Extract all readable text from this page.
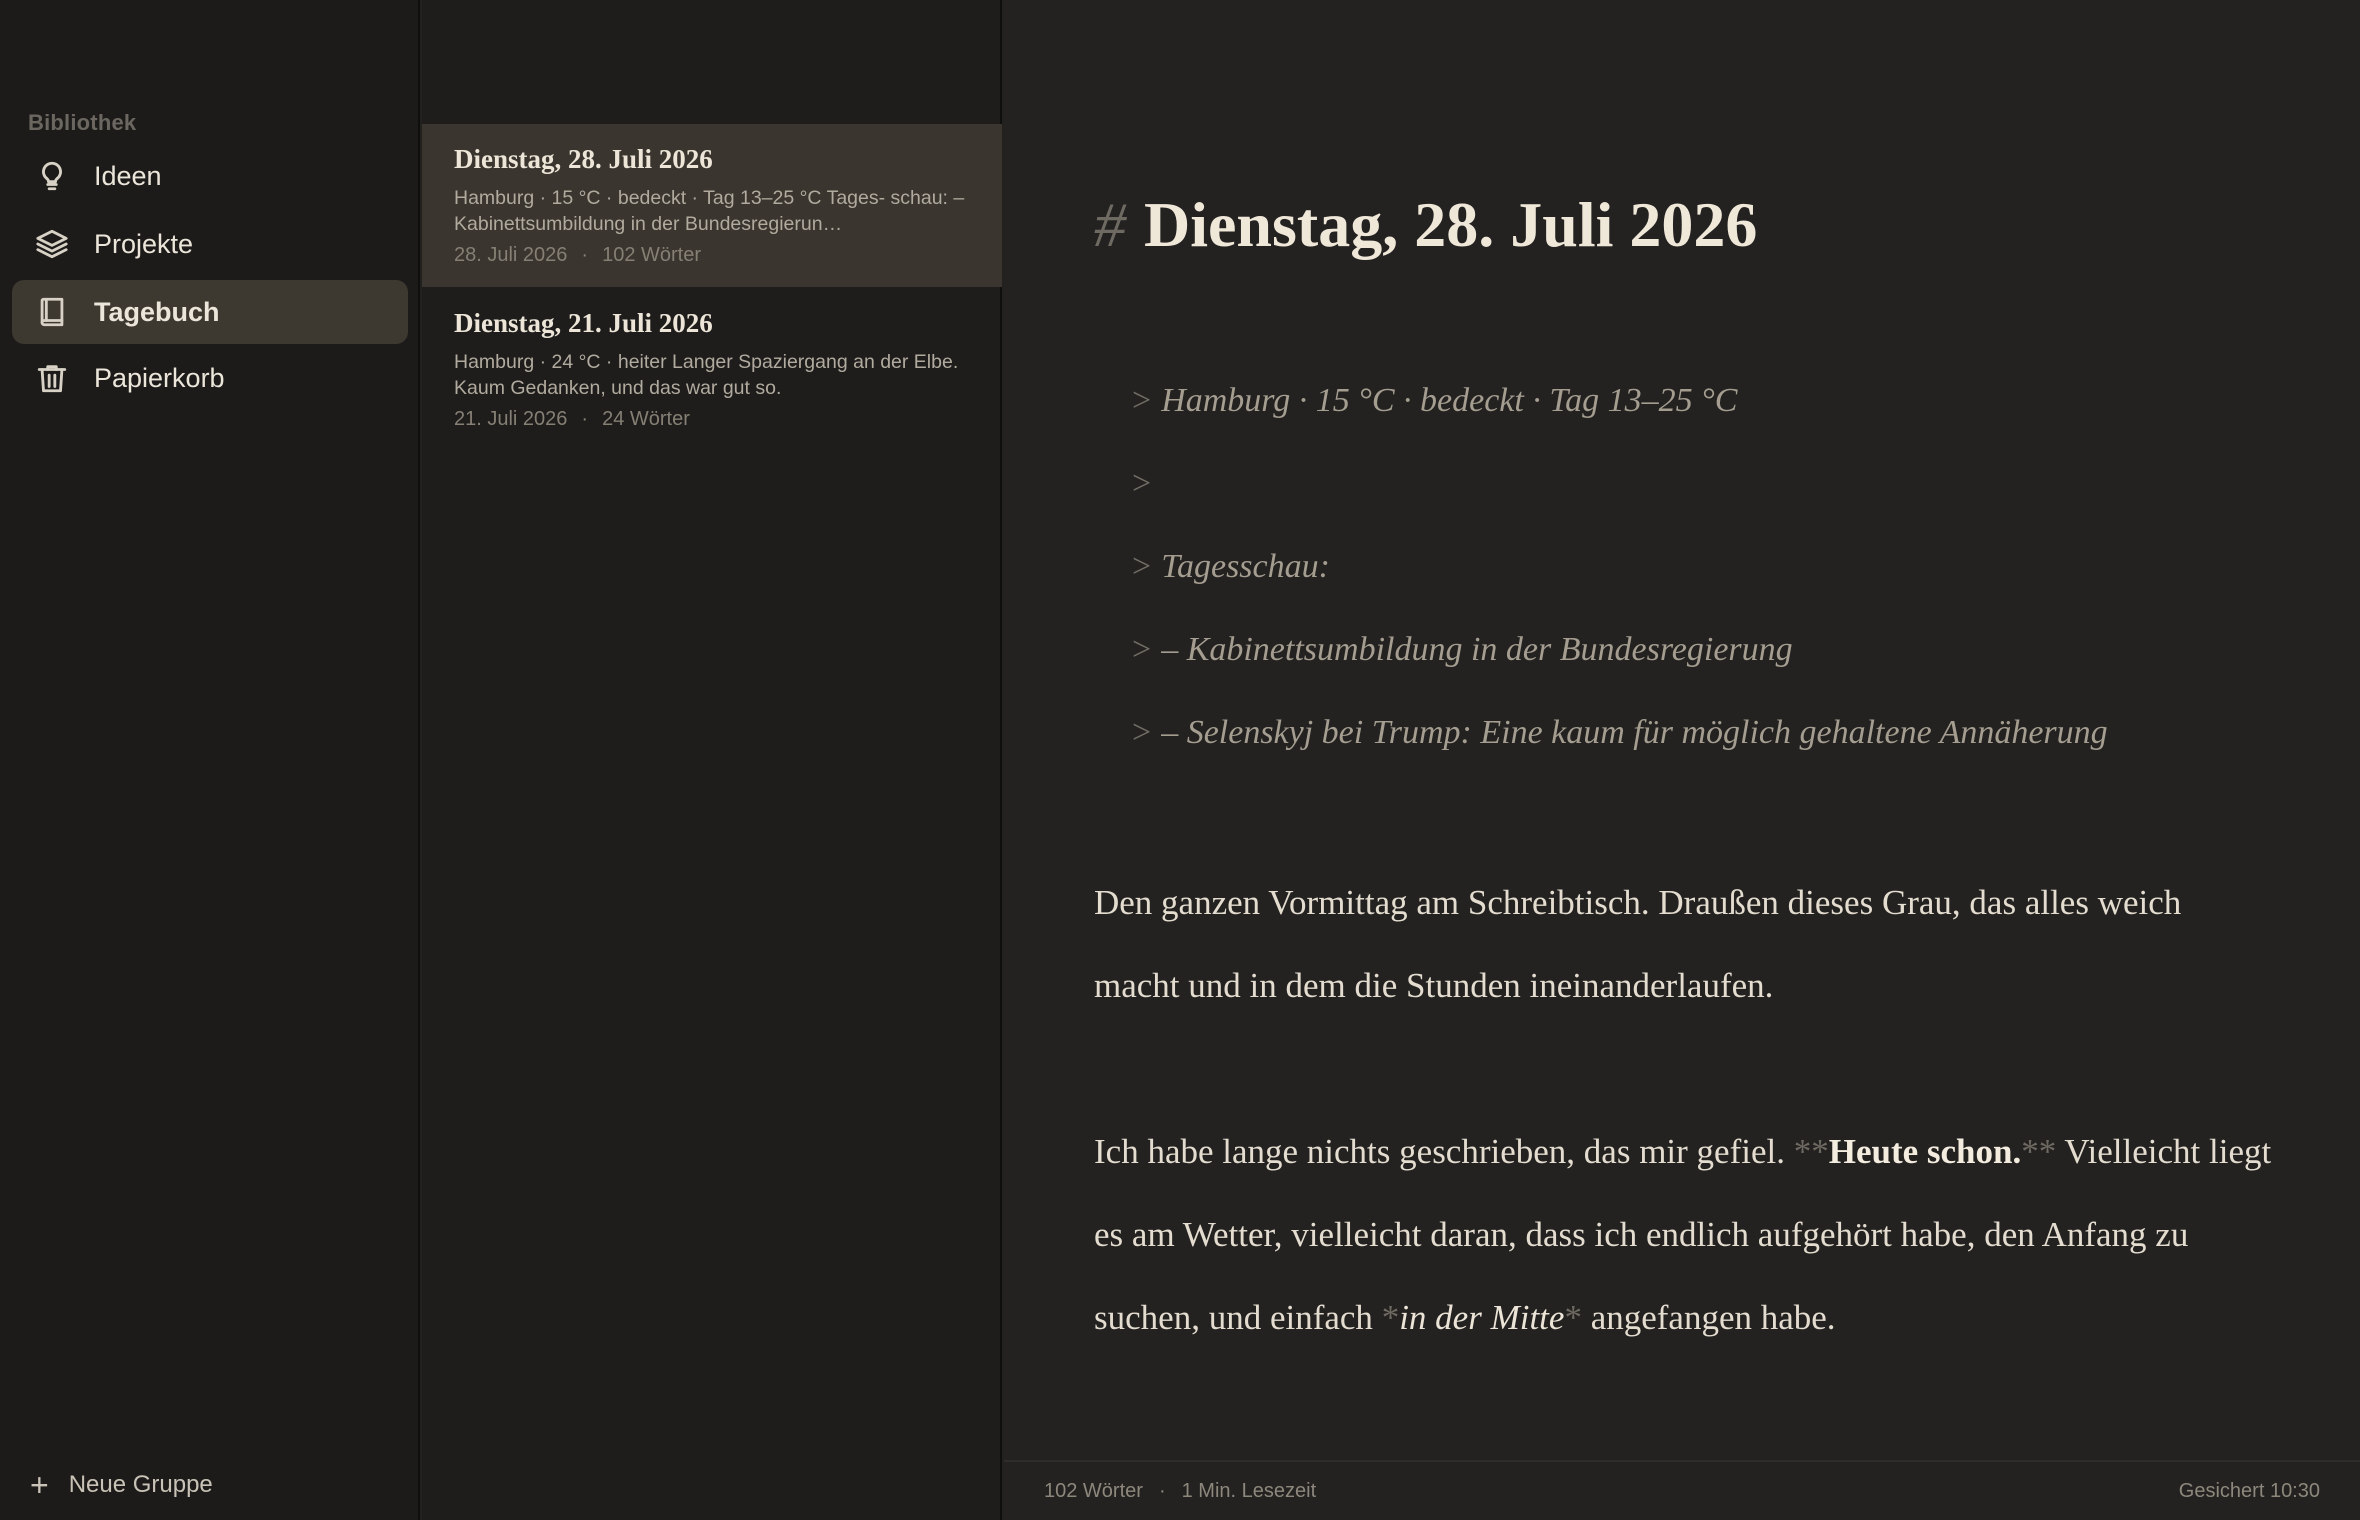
Bibliothek
Ideen
Projekte
Tagebuch
Papierkorb
+ Neue Gruppe
Dienstag, 28. Juli 2026
Hamburg · 15 °C · bedeckt · Tag 13–25 °C Tages- schau: – Kabinettsumbildung in der Bundesregierun…
28. Juli 2026 · 102 Wörter
Dienstag, 21. Juli 2026
Hamburg · 24 °C · heiter Langer Spaziergang an der Elbe. Kaum Gedanken, und das war gut so.
21. Juli 2026 · 24 Wörter
# Dienstag, 28. Juli 2026
> Hamburg · 15 °C · bedeckt · Tag 13–25 °C
>
> Tagesschau:
> – Kabinettsumbildung in der Bundesregierung
> – Selenskyj bei Trump: Eine kaum für möglich gehaltene Annäherung

Den ganzen Vormittag am Schreibtisch. Draußen dieses Grau, das alles weich macht und in dem die Stunden ineinanderlaufen.

Ich habe lange nichts geschrieben, das mir gefiel. **Heute schon.** Vielleicht liegt es am Wetter, vielleicht daran, dass ich endlich aufgehört habe, den Anfang zu suchen, und einfach *in der Mitte* angefangen habe.

102 Wörter · 1 Min. Lesezeit	Gesichert 10:30
